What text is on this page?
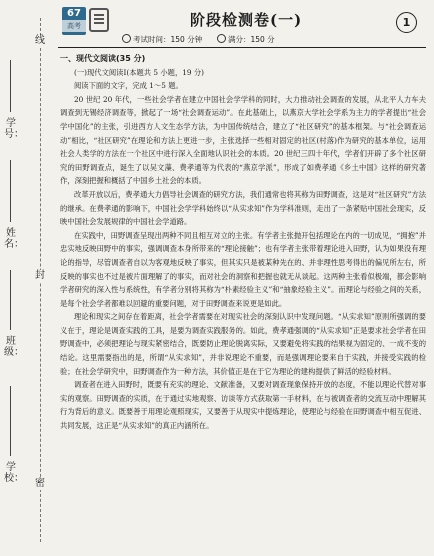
线
封
密
学号：
姓名：
班级：
学校：
67
高考	阶段检测卷(一)
考试时间：150 分钟	满分：150 分
1
一、现代文阅读(35 分)
(一)现代文阅读Ⅰ(本题共 5 小题，19 分)
阅读下面的文字，完成 1～5 题。

20 世纪 20 年代，一些社会学者在建立中国社会学学科的同时，大力推动社会调查的发展，从北平人力车夫调查到无锡经济调查等，掀起了一场“社会调查运动”。在此基础上，以燕京大学社会学系为主力的学者提出“社会学中国化”的主张，引进西方人文生态学方法，为中国传统结合，建立了“社区研究”的基本框架。与“社会调查运动”相比，“社区研究”在理论和方法上更进一步，主张选择一些相对固定的社区(村落)作为研究的基本单位，运用社会人类学的方法在一个社区中进行深入全面地认识社会的本质。20 世纪三四十年代，学者们开辟了多个社区研究的田野调查点，诞生了以吴文藻、费孝通等为代表的“燕京学派”，形成了如费孝通《乡土中国》这样的研究著作，深刻把握和概括了中国乡土社会的本质。

改革开放以后，费孝通大力倡导社会调查的研究方法，我们通常也将其称为田野调查，这是对“社区研究”方法的继承。在费孝通的影响下，中国社会学学科始终以“从实求知”作为学科准则，走出了一条紧贴中国社会现实，反映中国社会发展规律的中国社会学道路。

在实践中，田野调查呈现出两种不同且相互对立的主张。有学者主张抛开包括理论在内的一切成见，“拥抱”并忠实地反映田野中的事实，强调调查本身所带来的“理论接触”；也有学者主张带着理论进入田野，认为如果没有理论的指导，尽管调查者自以为客观地反映了事实，但其实只是被某种先在的、并非理性思考得出的偏见所左右，所反映的事实也不过是被片面理解了的事实，而对社会的洞察和把握也就无从谈起。这两种主张看似极端，都会影响学者研究的深入性与系统性，有学者分别将其称为“朴素经验主义”和“抽象经验主义”。而理论与经验之间的关系，是每个社会学者都难以回避的重要问题，对于田野调查来说更是如此。

理论和现实之间存在着距离，社会学者需要在对现实社会的深刻认识中发现问题。“从实求知”原则所强调的要义在于，理论是调查实践的工具，是要为调查实践服务的。如此，费孝通强调的“从实求知”正是要求社会学者在田野调查中，必须把理论与现实紧密结合，既要防止理论脱离实际，又要避免将实践的结果视为固定的、一成不变的结论。这里需要指出的是，所谓“从实求知”，并非说理论不重要，而是强调理论要来自于实践，并接受实践的检验；在社会学研究中，田野调查作为一种方法，其价值正是在于它为理论的建构提供了鲜活的经验材料。

调查者在进入田野时，既要有充实的理论、文献准备，又要对调查现象保持开放的态度，不能以理论代替对事实的观察。田野调查的实质，在于通过实地观察、访谈等方式获取第一手材料，在与被调查者的交流互动中理解其行为背后的意义。既要善于用理论观照现实，又要善于从现实中提炼理论，使理论与经验在田野调查中相互促进、共同发展，这正是“从实求知”的真正内涵所在。
